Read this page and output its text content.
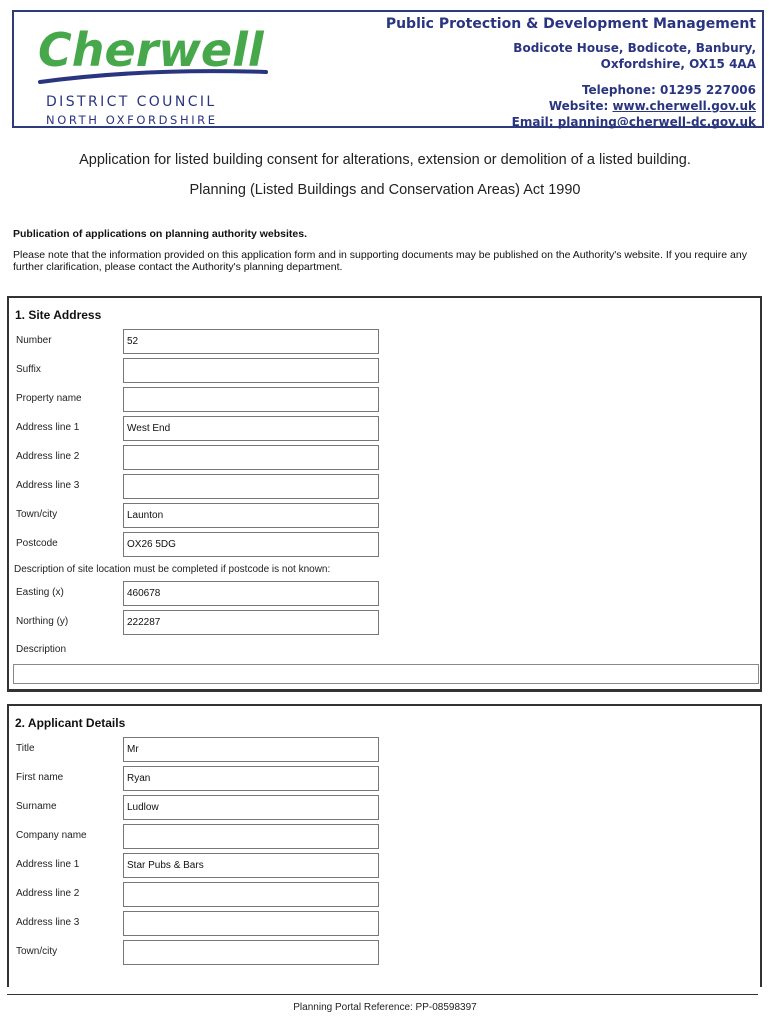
Cherwell
DISTRICT COUNCIL
NORTH OXFORDSHIRE
Public Protection & Development Management
Bodicote House, Bodicote, Banbury,
Oxfordshire, OX15 4AA
Telephone: 01295 227006
Website: www.cherwell.gov.uk
Email: planning@cherwell-dc.gov.uk
Application for listed building consent for alterations, extension or demolition of a listed building.
Planning (Listed Buildings and Conservation Areas) Act 1990
Publication of applications on planning authority websites.
Please note that the information provided on this application form and in supporting documents may be published on the Authority's website. If you require any further clarification, please contact the Authority's planning department.
1. Site Address
Number	52
Suffix
Property name
Address line 1	West End
Address line 2
Address line 3
Town/city	Launton
Postcode	OX26 5DG
Description of site location must be completed if postcode is not known:
Easting (x)	460678
Northing (y)	222287
Description
2. Applicant Details
Title	Mr
First name	Ryan
Surname	Ludlow
Company name
Address line 1	Star Pubs & Bars
Address line 2
Address line 3
Town/city
Planning Portal Reference: PP-08598397
